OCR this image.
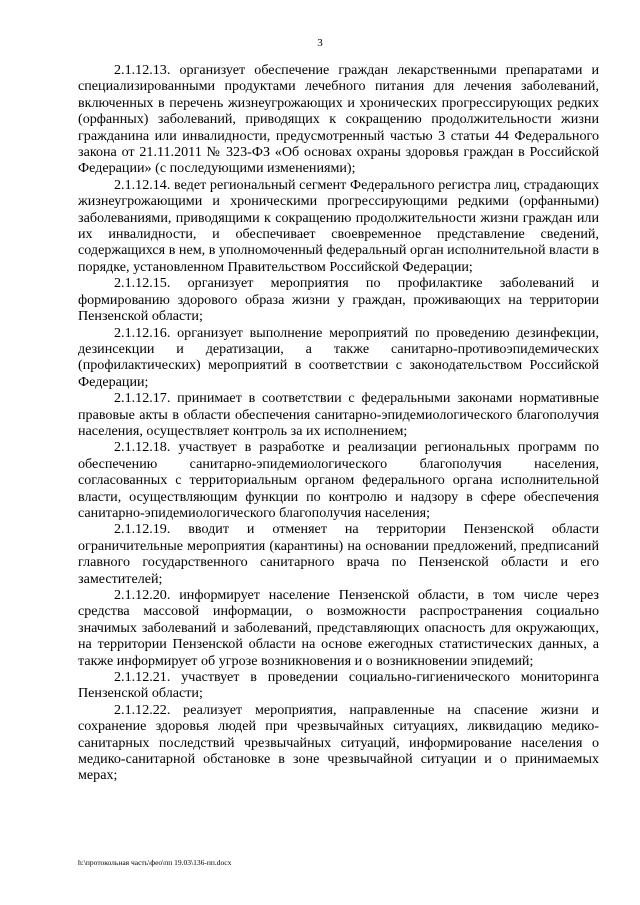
3

2.1.12.13. организует обеспечение граждан лекарственными препаратами и специализированными продуктами лечебного питания для лечения заболеваний, включенных в перечень жизнеугрожающих и хронических прогрессирующих редких (орфанных) заболеваний, приводящих к сокращению продолжительности жизни гражданина или инвалидности, предусмотренный частью 3 статьи 44 Федерального закона от 21.11.2011 № 323-ФЗ «Об основах охраны здоровья граждан в Российской Федерации» (с последующими изменениями);

2.1.12.14. ведет региональный сегмент Федерального регистра лиц, страдающих жизнеугрожающими и хроническими прогрессирующими редкими (орфанными) заболеваниями, приводящими к сокращению продолжительности жизни граждан или их инвалидности, и обеспечивает своевременное представление сведений, содержащихся в нем, в уполномоченный федеральный орган исполнительной власти в порядке, установленном Правительством Российской Федерации;

2.1.12.15. организует мероприятия по профилактике заболеваний и формированию здорового образа жизни у граждан, проживающих на территории Пензенской области;

2.1.12.16. организует выполнение мероприятий по проведению дезинфекции, дезинсекции и дератизации, а также санитарно-противоэпидемических (профилактических) мероприятий в соответствии с законодательством Российской Федерации;

2.1.12.17. принимает в соответствии с федеральными законами нормативные правовые акты в области обеспечения санитарно-эпидемиологического благополучия населения, осуществляет контроль за их исполнением;

2.1.12.18. участвует в разработке и реализации региональных программ по обеспечению санитарно-эпидемиологического благополучия населения, согласованных с территориальным органом федерального органа исполнительной власти, осуществляющим функции по контролю и надзору в сфере обеспечения санитарно-эпидемиологического благополучия населения;

2.1.12.19. вводит и отменяет на территории Пензенской области ограничительные мероприятия (карантины) на основании предложений, предписаний главного государственного санитарного врача по Пензенской области и его заместителей;

2.1.12.20. информирует население Пензенской области, в том числе через средства массовой информации, о возможности распространения социально значимых заболеваний и заболеваний, представляющих опасность для окружающих, на территории Пензенской области на основе ежегодных статистических данных, а также информирует об угрозе возникновения и о возникновении эпидемий;

2.1.12.21. участвует в проведении социально-гигиенического мониторинга Пензенской области;

2.1.12.22. реализует мероприятия, направленные на спасение жизни и сохранение здоровья людей при чрезвычайных ситуациях, ликвидацию медико-санитарных последствий чрезвычайных ситуаций, информирование населения о медико-санитарной обстановке в зоне чрезвычайной ситуации и о принимаемых мерах;

h:\протокольная часть\фео\пп 19.03\136-пп.docx
